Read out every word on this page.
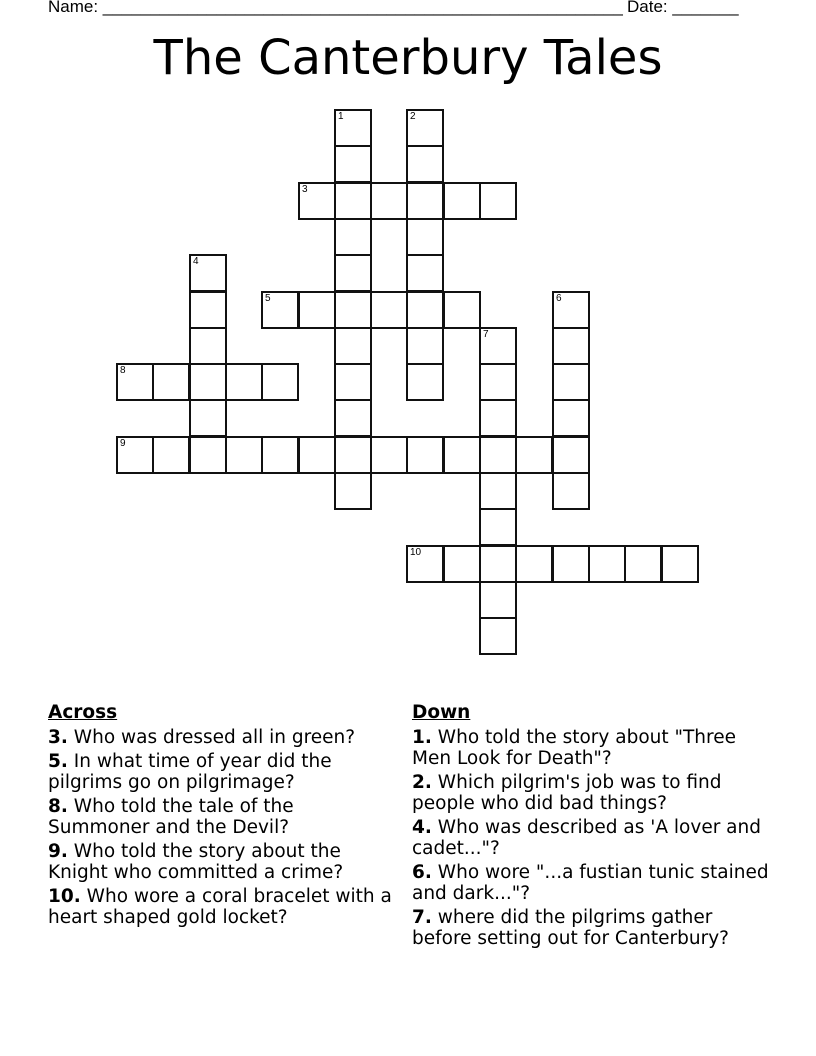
Name: _______________________________________________________ Date: _______
The Canterbury Tales
1	2
3
4
5	6
7
8
9
10
Across
3. Who was dressed all in green?
5. In what time of year did the pilgrims go on pilgrimage?
8. Who told the tale of the Summoner and the Devil?
9. Who told the story about the Knight who committed a crime?
10. Who wore a coral bracelet with a heart shaped gold locket?
Down
1. Who told the story about "Three Men Look for Death"?
2. Which pilgrim's job was to find people who did bad things?
4. Who was described as 'A lover and cadet..."?
6. Who wore "...a fustian tunic stained and dark..."?
7. where did the pilgrims gather before setting out for Canterbury?
